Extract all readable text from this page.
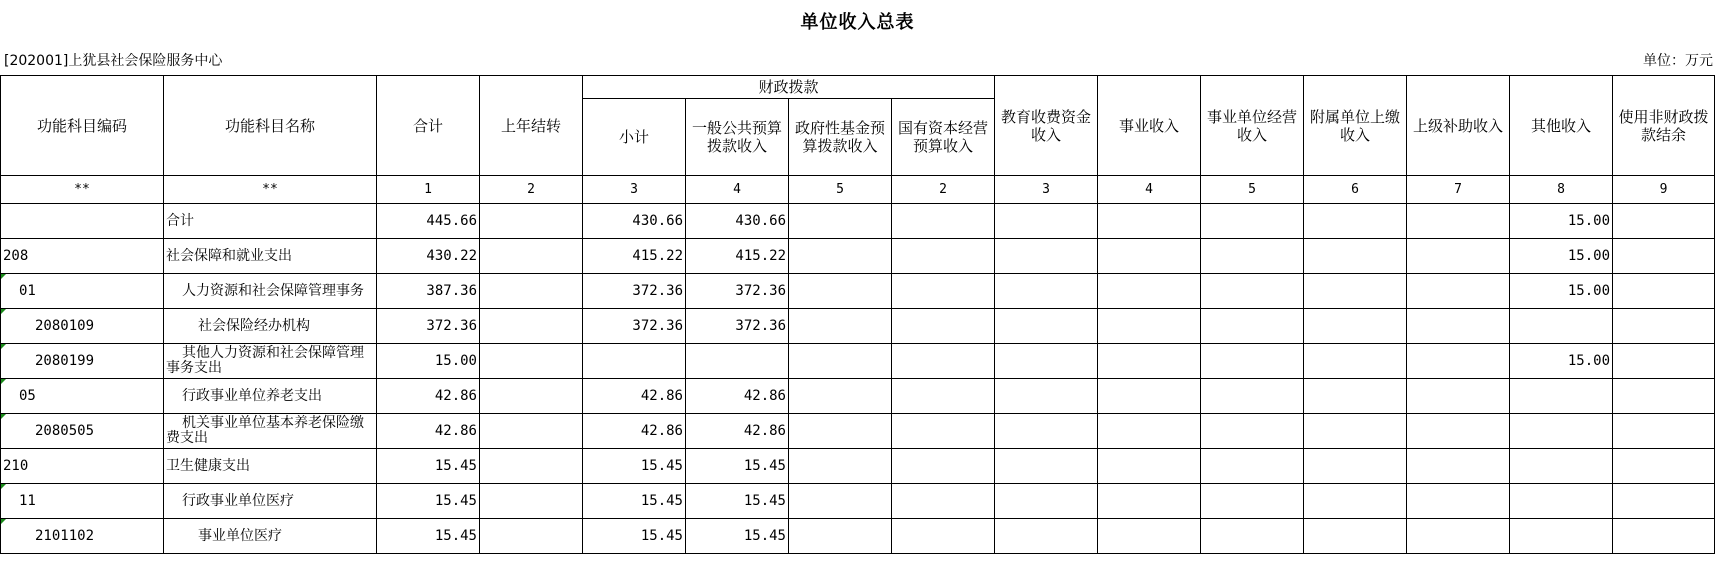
单位收入总表
[202001]上犹县社会保险服务中心	单位：万元
功能科目编码	功能科目名称	合计	上年结转	财政拨款				教育收费资金收入	事业收入	事业单位经营收入	附属单位上缴收入	上级补助收入	其他收入	使用非财政拨款结余
				小计	一般公共预算拨款收入	政府性基金预算拨款收入	国有资本经营预算收入							
**	**	1	2	3	4	5	2	3	4	5	6	7	8	9
	合计	445.66		430.66	430.66								15.00	
208	社会保障和就业支出	430.22		415.22	415.22								15.00	
01	人力资源和社会保障管理事务	387.36		372.36	372.36								15.00	
2080109	社会保险经办机构	372.36		372.36	372.36									
2080199	其他人力资源和社会保障管理事务支出	15.00											15.00	
05	行政事业单位养老支出	42.86		42.86	42.86									
2080505	机关事业单位基本养老保险缴费支出	42.86		42.86	42.86									
210	卫生健康支出	15.45		15.45	15.45									
11	行政事业单位医疗	15.45		15.45	15.45									
2101102	事业单位医疗	15.45		15.45	15.45									
